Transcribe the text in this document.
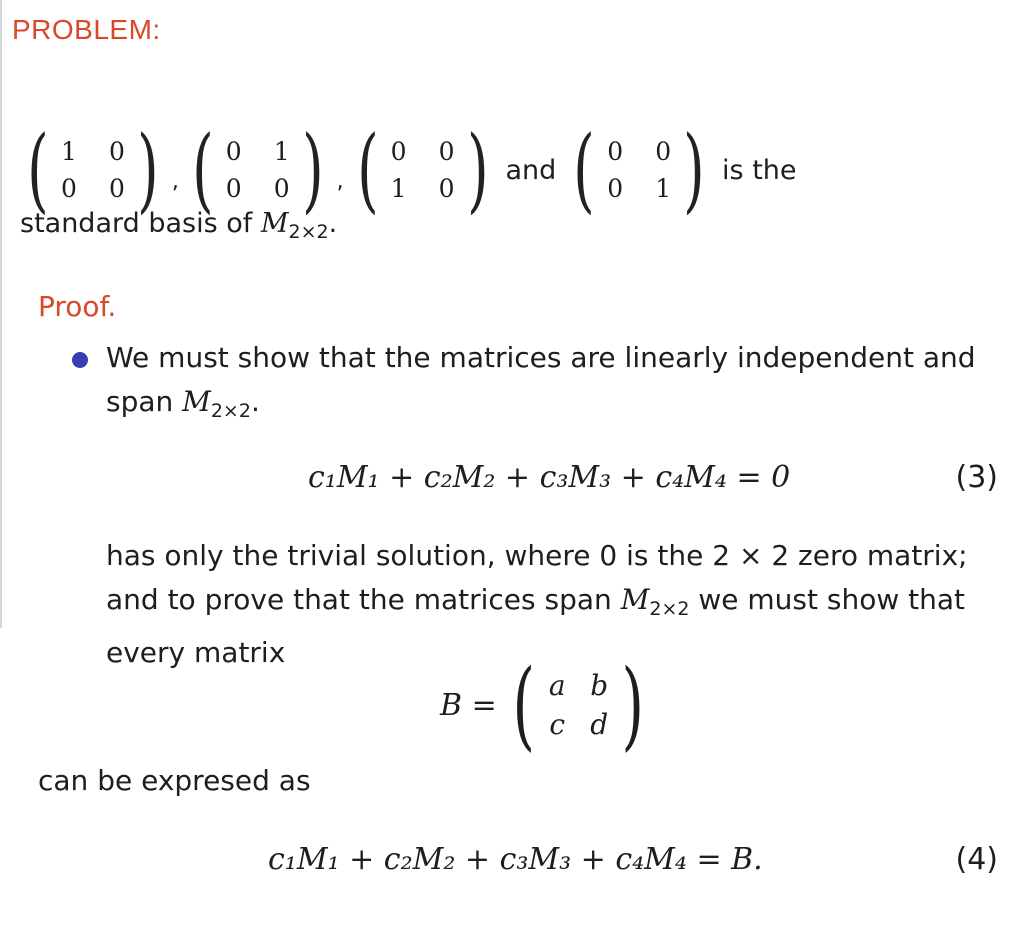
PROBLEM:
( 1 0
0 0 ) , ( 0 1
0 0 ) , ( 0 0
1 0 ) and ( 0 0
0 1 ) is the
standard basis of $M_{2\times 2}$.
Proof.
We must show that the matrices are linearly independent and
span $M_{2\times 2}$.
c₁M₁ + c₂M₂ + c₃M₃ + c₄M₄ = 0	(3)
has only the trivial solution, where 0 is the 2 × 2 zero matrix;
and to prove that the matrices span $M_{2\times 2}$ we must show that
every matrix
B = ( a b
c d )
can be expresed as
c₁M₁ + c₂M₂ + c₃M₃ + c₄M₄ = B.	(4)
